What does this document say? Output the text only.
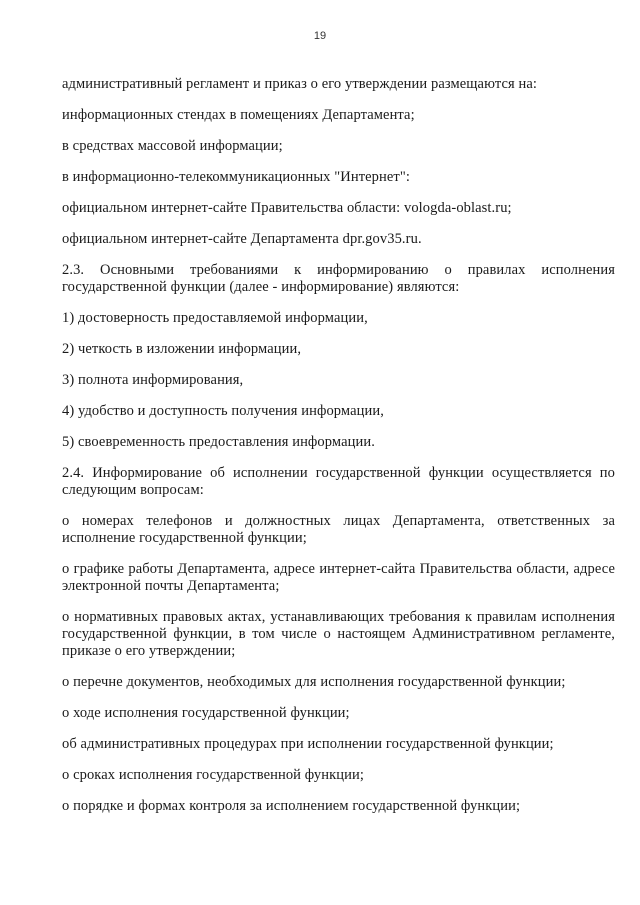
19

административный регламент и приказ о его утверждении размещаются на:

информационных стендах в помещениях Департамента;

в средствах массовой информации;

в информационно-телекоммуникационных "Интернет":

официальном интернет-сайте Правительства области: vologda-oblast.ru;

официальном интернет-сайте Департамента dpr.gov35.ru.

2.3. Основными требованиями к информированию о правилах исполнения государственной функции (далее - информирование) являются:

1) достоверность предоставляемой информации,

2) четкость в изложении информации,

3) полнота информирования,

4) удобство и доступность получения информации,

5) своевременность предоставления информации.

2.4. Информирование об исполнении государственной функции осуществляется по следующим вопросам:

о номерах телефонов и должностных лицах Департамента, ответственных за исполнение государственной функции;

о графике работы Департамента, адресе интернет-сайта Правительства области, адресе электронной почты Департамента;

о нормативных правовых актах, устанавливающих требования к правилам исполнения государственной функции, в том числе о настоящем Административном регламенте, приказе о его утверждении;

о перечне документов, необходимых для исполнения государственной функции;

о ходе исполнения государственной функции;

об административных процедурах при исполнении государственной функции;

о сроках исполнения государственной функции;

о порядке и формах контроля за исполнением государственной функции;
